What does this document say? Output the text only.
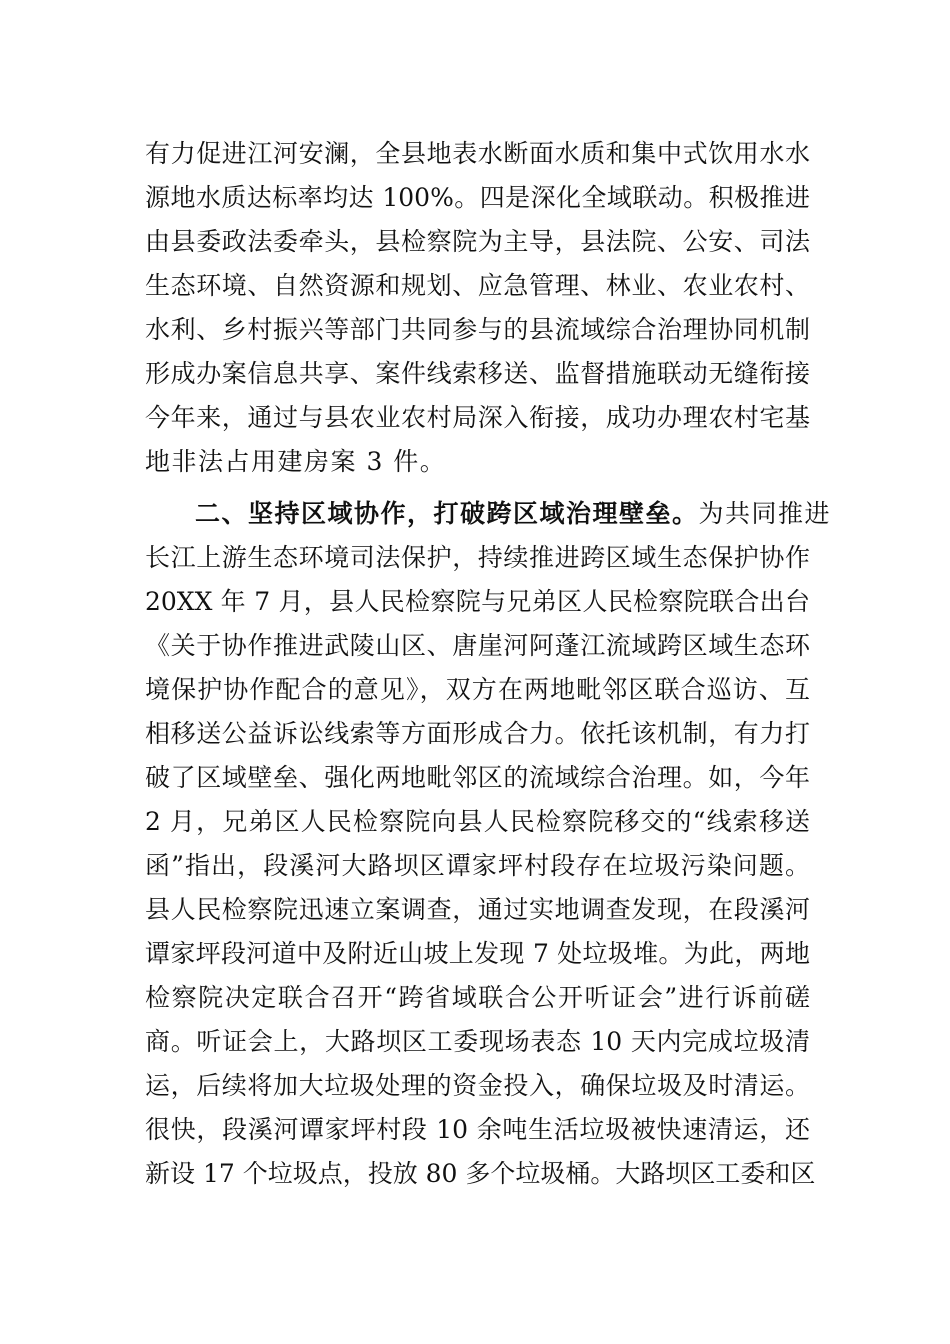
有力促进江河安澜，全县地表水断面水质和集中式饮用水水
源地水质达标率均达 100%。四是深化全域联动。积极推进
由县委政法委牵头，县检察院为主导，县法院、公安、司法
生态环境、自然资源和规划、应急管理、林业、农业农村、
水利、乡村振兴等部门共同参与的县流域综合治理协同机制
形成办案信息共享、案件线索移送、监督措施联动无缝衔接
今年来，通过与县农业农村局深入衔接，成功办理农村宅基
地非法占用建房案 3 件。
二、坚持区域协作，打破跨区域治理壁垒。为共同推进
长江上游生态环境司法保护，持续推进跨区域生态保护协作
20XX 年 7 月，县人民检察院与兄弟区人民检察院联合出台
《关于协作推进武陵山区、唐崖河阿蓬江流域跨区域生态环
境保护协作配合的意见》，双方在两地毗邻区联合巡访、互
相移送公益诉讼线索等方面形成合力。依托该机制，有力打
破了区域壁垒、强化两地毗邻区的流域综合治理。如，今年
2 月，兄弟区人民检察院向县人民检察院移交的“线索移送
函”指出，段溪河大路坝区谭家坪村段存在垃圾污染问题。
县人民检察院迅速立案调查，通过实地调查发现，在段溪河
谭家坪段河道中及附近山坡上发现 7 处垃圾堆。为此，两地
检察院决定联合召开“跨省域联合公开听证会”进行诉前磋
商。听证会上，大路坝区工委现场表态 10 天内完成垃圾清
运，后续将加大垃圾处理的资金投入，确保垃圾及时清运。
很快，段溪河谭家坪村段 10 余吨生活垃圾被快速清运，还
新设 17 个垃圾点，投放 80 多个垃圾桶。大路坝区工委和区
